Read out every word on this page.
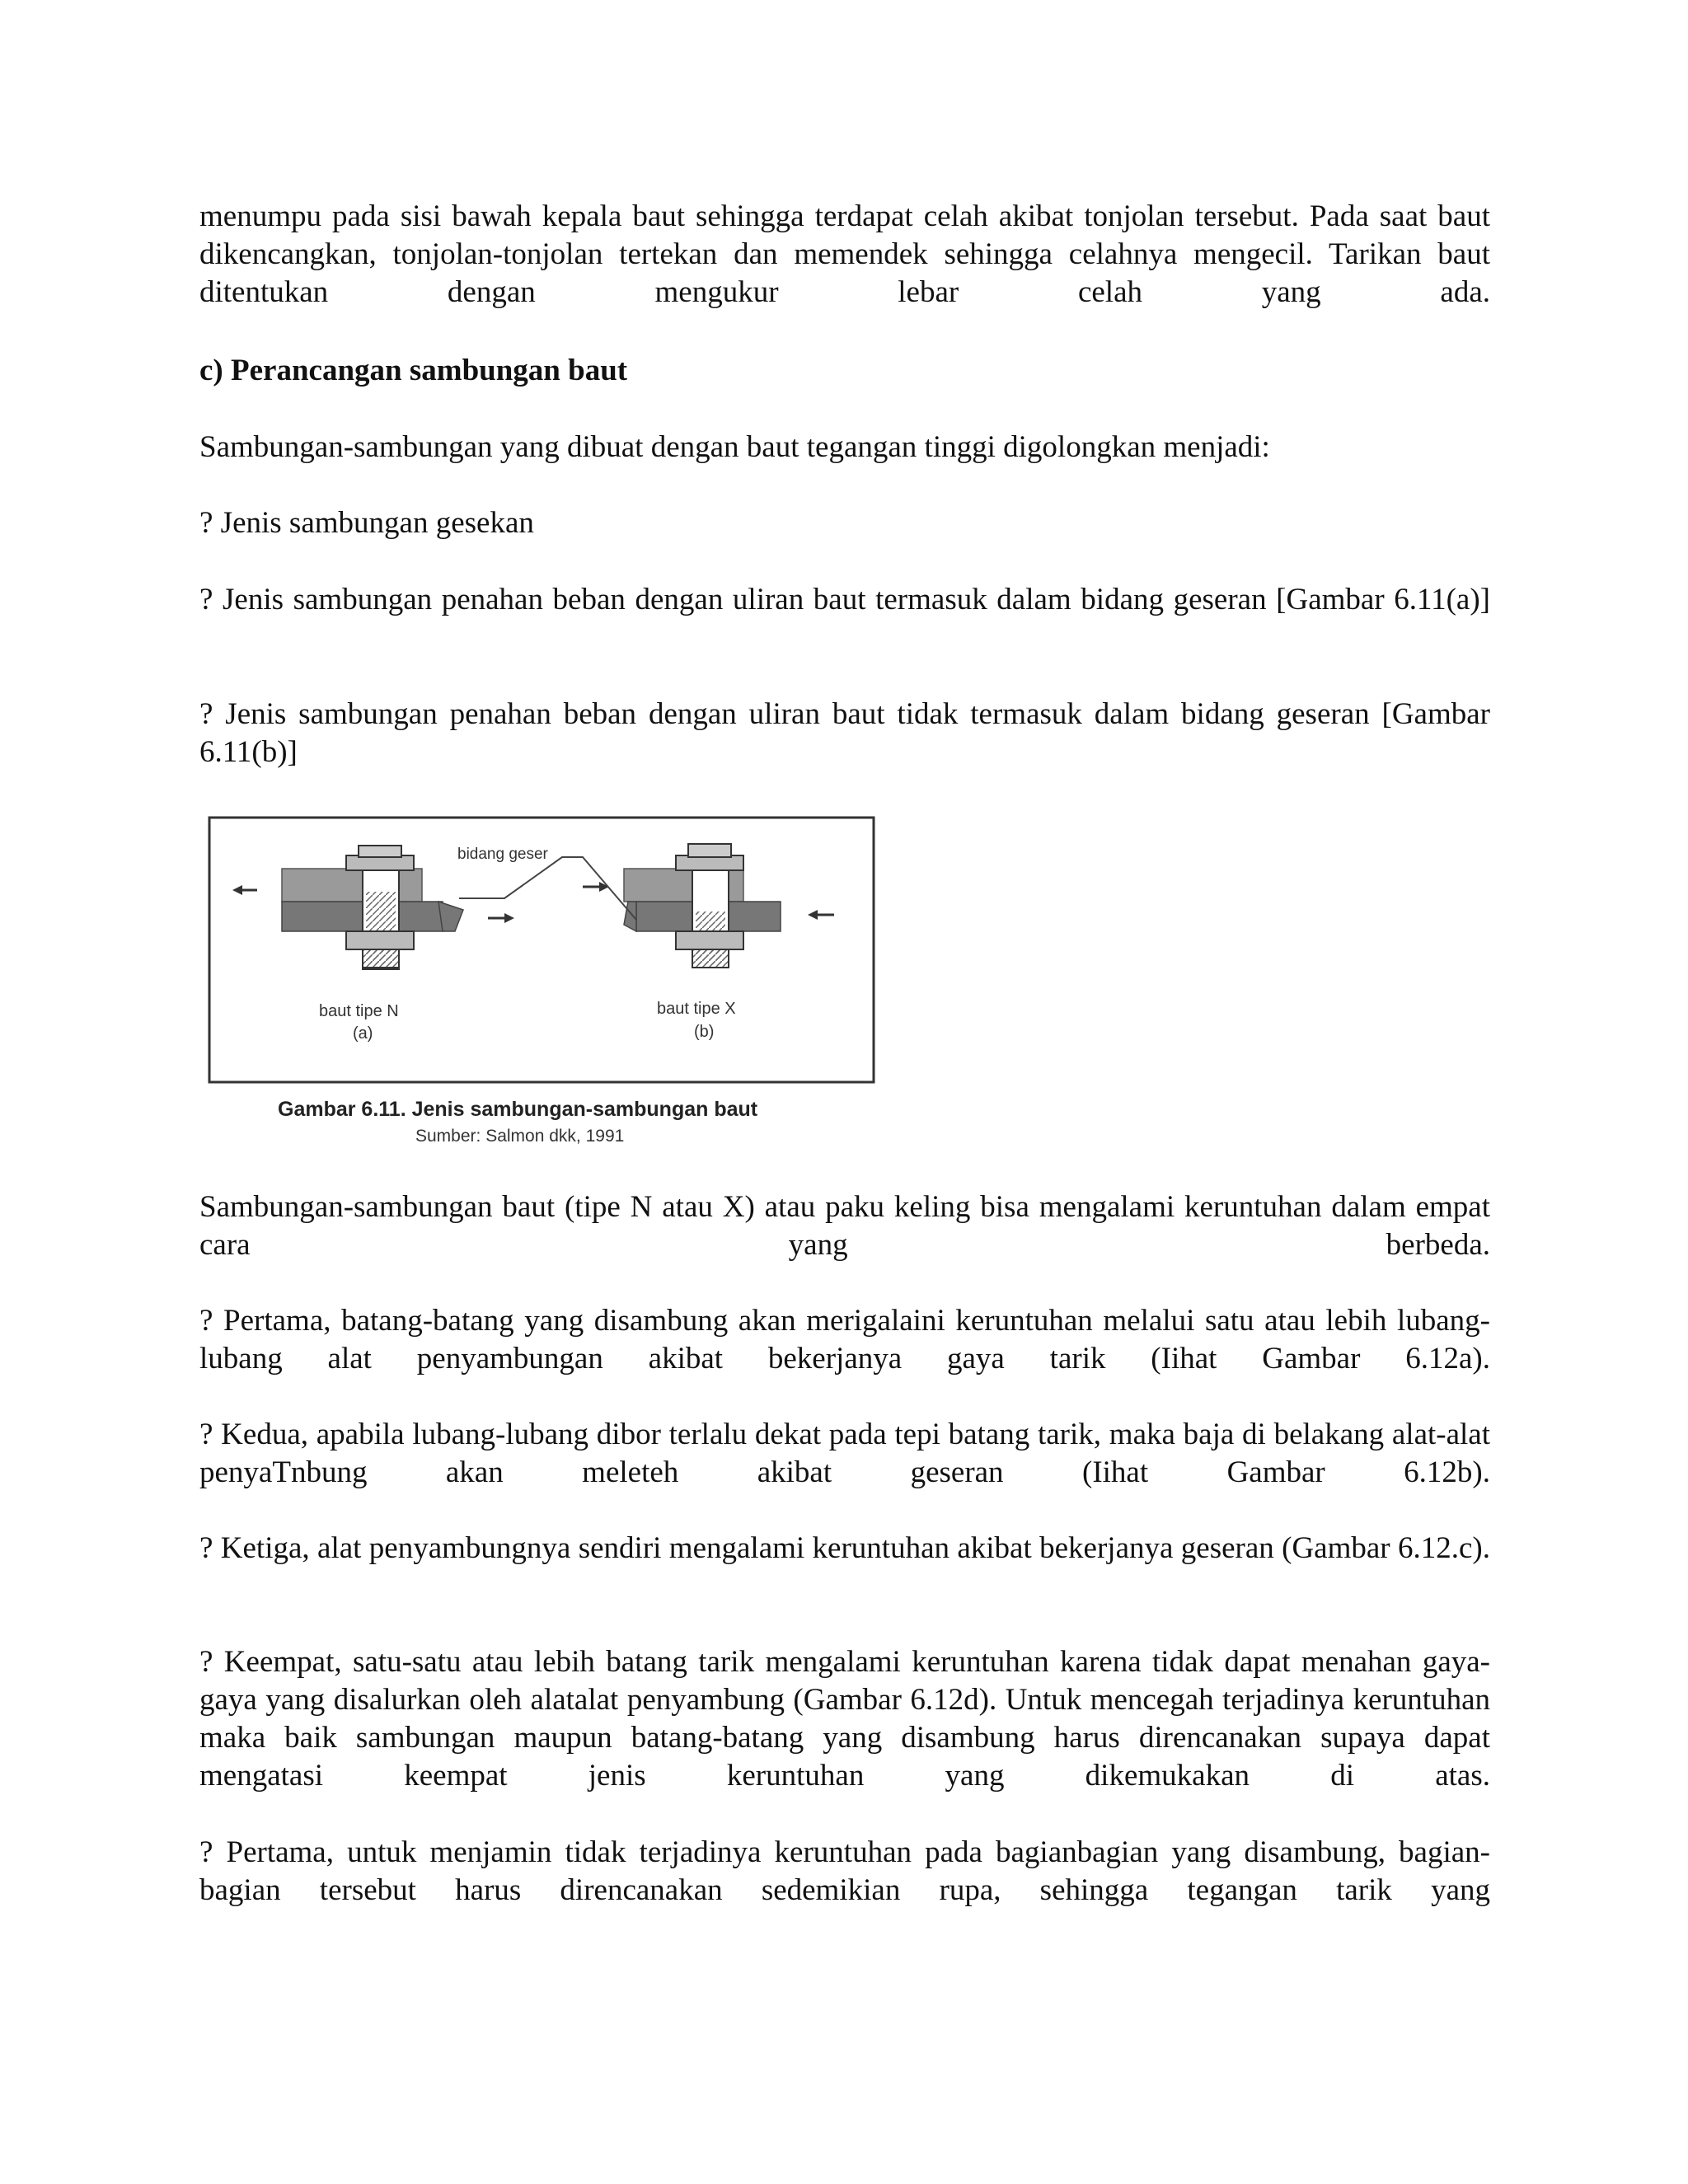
menumpu pada sisi bawah kepala baut sehingga terdapat celah akibat tonjolan tersebut. Pada saat baut dikencangkan, tonjolan-tonjolan tertekan dan memendek sehingga celahnya mengecil. Tarikan baut ditentukan dengan mengukur lebar celah yang ada.

c) Perancangan sambungan baut

Sambungan-sambungan yang dibuat dengan baut tegangan tinggi digolongkan menjadi:

? Jenis sambungan gesekan

? Jenis sambungan penahan beban dengan uliran baut termasuk dalam bidang geseran [Gambar 6.11(a)]

? Jenis sambungan penahan beban dengan uliran baut tidak termasuk dalam bidang geseran [Gambar 6.11(b)]

bidang geser
baut tipe N
(a)
baut tipe X
(b)
Gambar 6.11. Jenis sambungan-sambungan baut
Sumber: Salmon dkk, 1991

Sambungan-sambungan baut (tipe N atau X) atau paku keling bisa mengalami keruntuhan dalam empat cara yang berbeda.

? Pertama, batang-batang yang disambung akan merigalaini keruntuhan melalui satu atau lebih lubang-lubang alat penyambungan akibat bekerjanya gaya tarik (Iihat Gambar 6.12a).

? Kedua, apabila lubang-lubang dibor terlalu dekat pada tepi batang tarik, maka baja di belakang alat-alat penyaTnbung akan meleteh akibat geseran (Iihat Gambar 6.12b).

? Ketiga, alat penyambungnya sendiri mengalami keruntuhan akibat bekerjanya geseran (Gambar 6.12.c).

? Keempat, satu-satu atau lebih batang tarik mengalami keruntuhan karena tidak dapat menahan gaya-gaya yang disalurkan oleh alatalat penyambung (Gambar 6.12d). Untuk mencegah terjadinya keruntuhan maka baik sambungan maupun batang-batang yang disambung harus direncanakan supaya dapat mengatasi keempat jenis keruntuhan yang dikemukakan di atas.

? Pertama, untuk menjamin tidak terjadinya keruntuhan pada bagianbagian yang disambung, bagian-bagian tersebut harus direncanakan sedemikian rupa, sehingga tegangan tarik yang
